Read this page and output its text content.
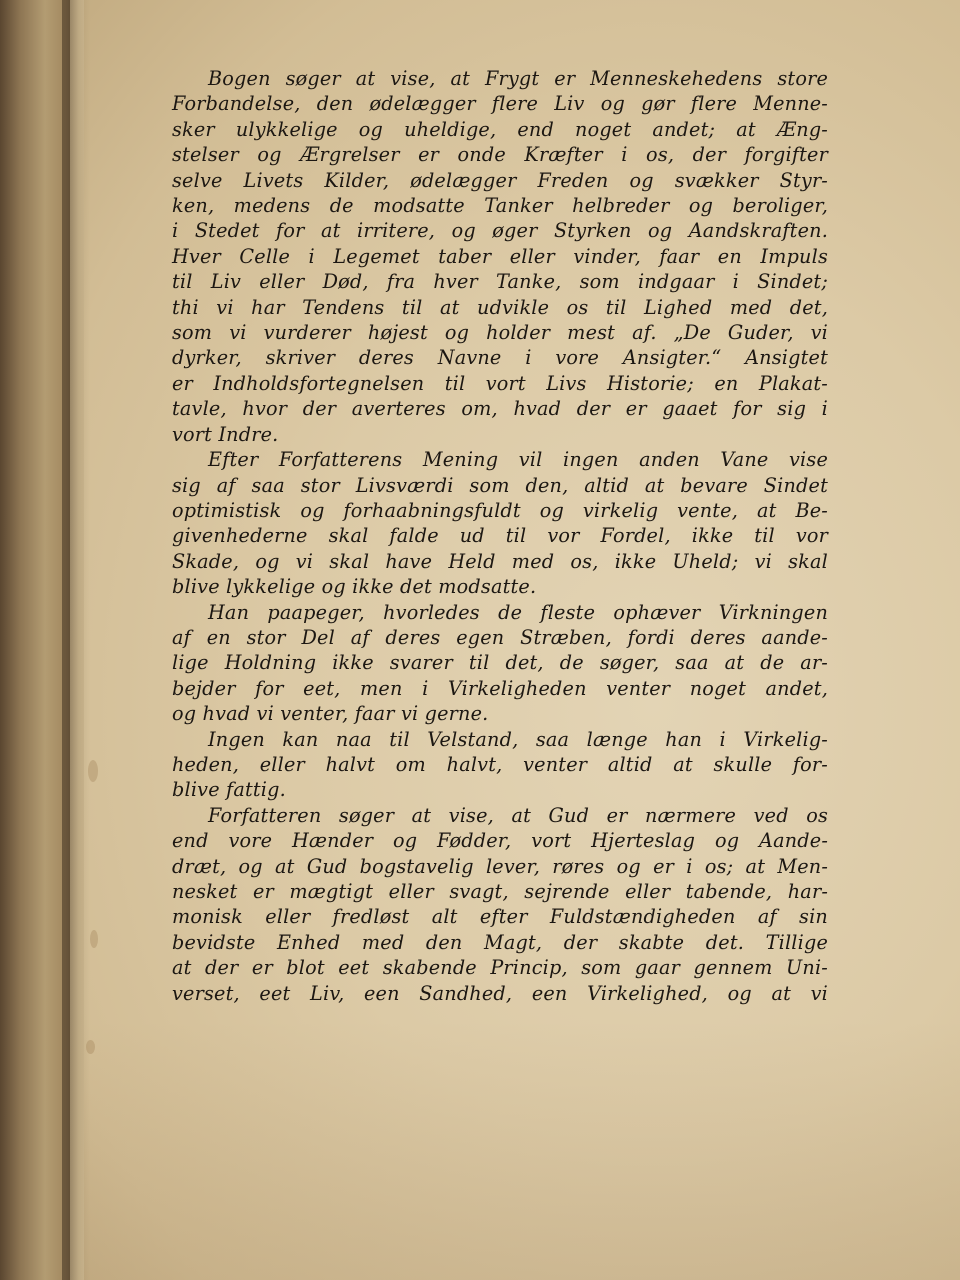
Bogen søger at vise, at Frygt er Menneskehedens store
Forbandelse, den ødelægger flere Liv og gør flere Menne-
sker ulykkelige og uheldige, end noget andet; at Æng-
stelser og Ærgrelser er onde Kræfter i os, der forgifter
selve Livets Kilder, ødelægger Freden og svækker Styr-
ken, medens de modsatte Tanker helbreder og beroliger,
i Stedet for at irritere, og øger Styrken og Aandskraften.
Hver Celle i Legemet taber eller vinder, faar en Impuls
til Liv eller Død, fra hver Tanke, som indgaar i Sindet;
thi vi har Tendens til at udvikle os til Lighed med det,
som vi vurderer højest og holder mest af. „De Guder, vi
dyrker, skriver deres Navne i vore Ansigter.“ Ansigtet
er Indholdsfortegnelsen til vort Livs Historie; en Plakat-
tavle, hvor der averteres om, hvad der er gaaet for sig i
vort Indre.
Efter Forfatterens Mening vil ingen anden Vane vise
sig af saa stor Livsværdi som den, altid at bevare Sindet
optimistisk og forhaabningsfuldt og virkelig vente, at Be-
givenhederne skal falde ud til vor Fordel, ikke til vor
Skade, og vi skal have Held med os, ikke Uheld; vi skal
blive lykkelige og ikke det modsatte.
Han paapeger, hvorledes de fleste ophæver Virkningen
af en stor Del af deres egen Stræben, fordi deres aande-
lige Holdning ikke svarer til det, de søger, saa at de ar-
bejder for eet, men i Virkeligheden venter noget andet,
og hvad vi venter, faar vi gerne.
Ingen kan naa til Velstand, saa længe han i Virkelig-
heden, eller halvt om halvt, venter altid at skulle for-
blive fattig.
Forfatteren søger at vise, at Gud er nærmere ved os
end vore Hænder og Fødder, vort Hjerteslag og Aande-
dræt, og at Gud bogstavelig lever, røres og er i os; at Men-
nesket er mægtigt eller svagt, sejrende eller tabende, har-
monisk eller fredløst alt efter Fuldstændigheden af sin
bevidste Enhed med den Magt, der skabte det. Tillige
at der er blot eet skabende Princip, som gaar gennem Uni-
verset, eet Liv, een Sandhed, een Virkelighed, og at vi
